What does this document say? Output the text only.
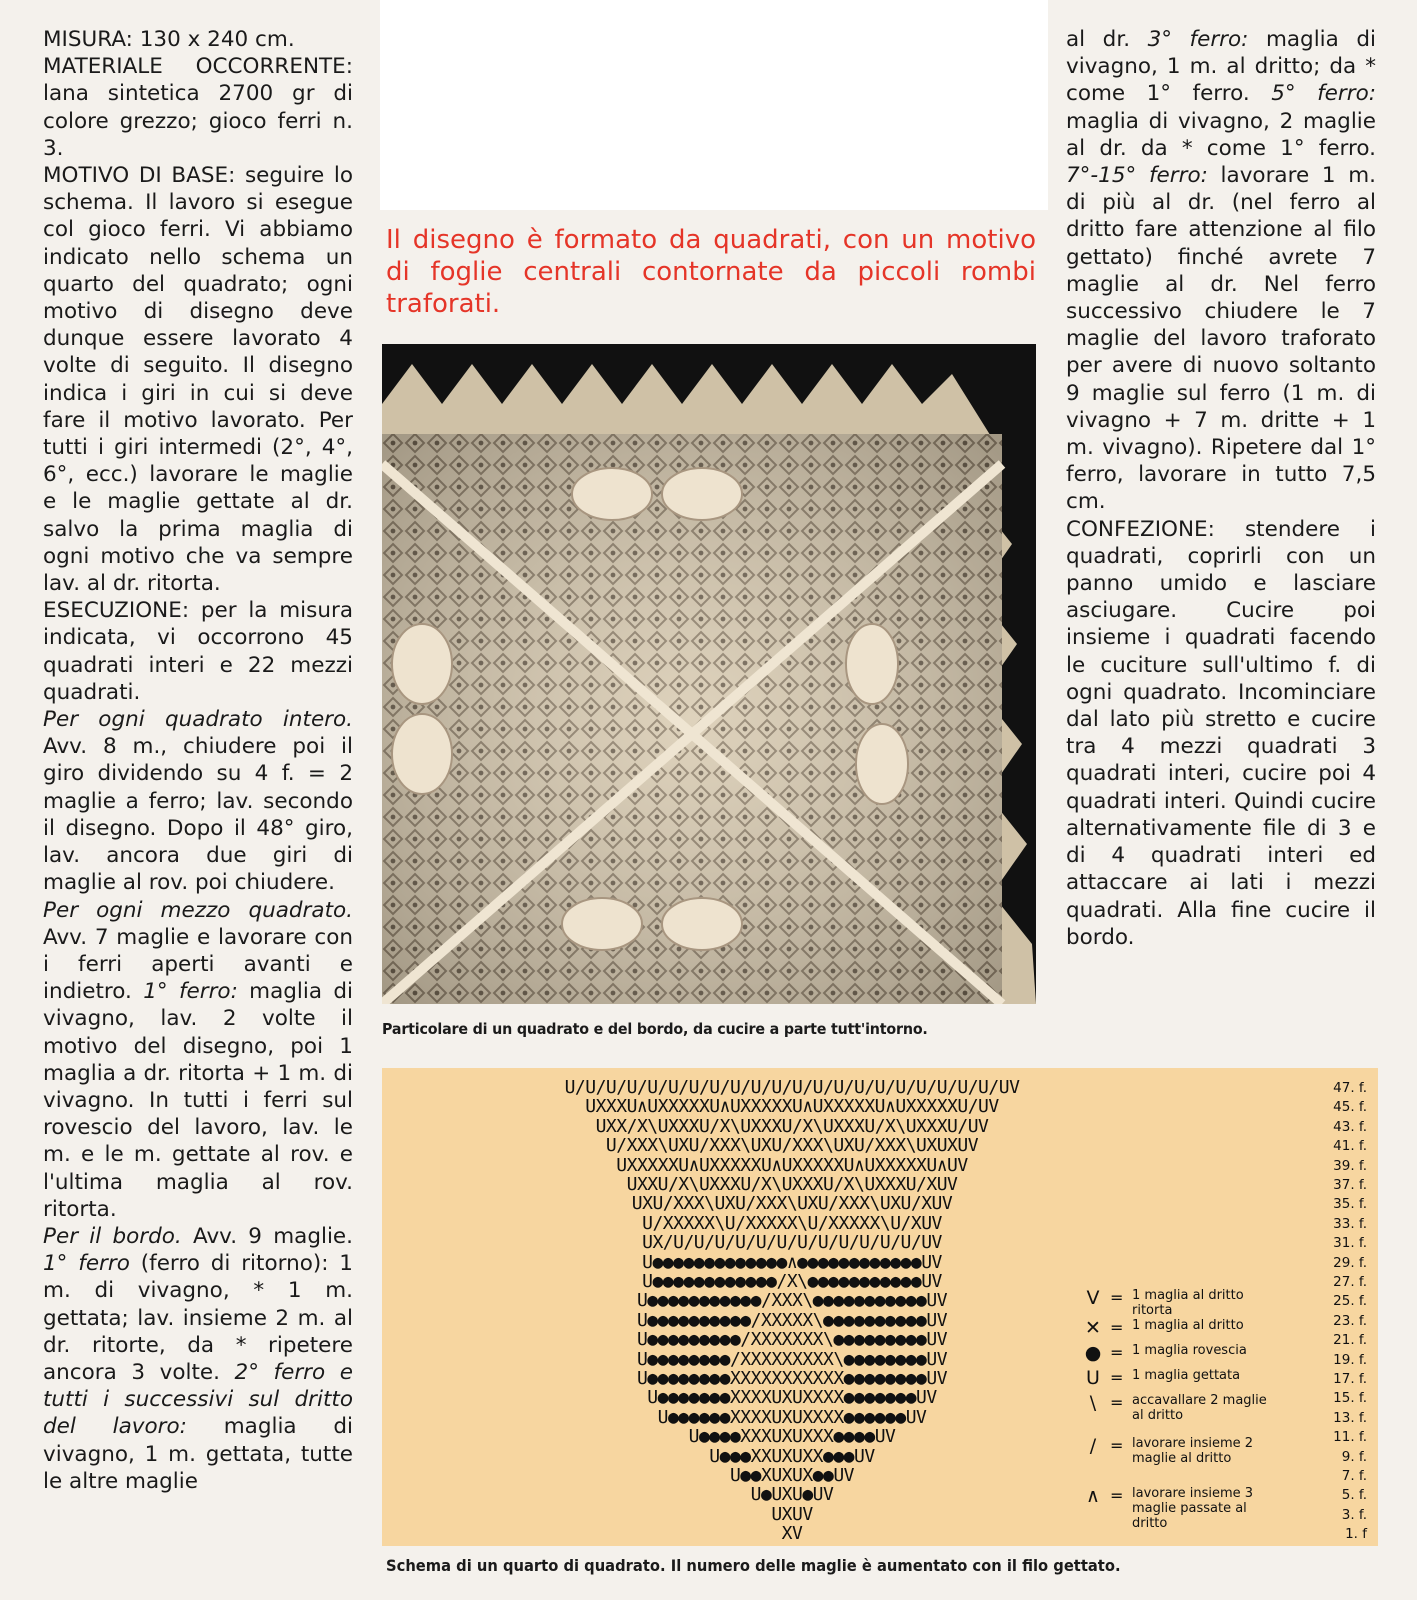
MISURA: 130 x 240 cm.

MATERIALE OCCORRENTE: lana sintetica 2700 gr di colore grezzo; gioco ferri n. 3.

MOTIVO DI BASE: seguire lo schema. Il lavoro si esegue col gioco ferri. Vi abbiamo indicato nello schema un quarto del quadrato; ogni motivo di disegno deve dunque essere lavorato 4 volte di seguito. Il disegno indica i giri in cui si deve fare il motivo lavorato. Per tutti i giri intermedi (2°, 4°, 6°, ecc.) lavorare le maglie e le maglie gettate al dr. salvo la prima maglia di ogni motivo che va sempre lav. al dr. ritorta.

ESECUZIONE: per la misura indicata, vi occorrono 45 quadrati interi e 22 mezzi quadrati.

Per ogni quadrato intero. Avv. 8 m., chiudere poi il giro dividendo su 4 f. = 2 maglie a ferro; lav. secondo il disegno. Dopo il 48° giro, lav. ancora due giri di maglie al rov. poi chiudere.

Per ogni mezzo quadrato. Avv. 7 maglie e lavorare con i ferri aperti avanti e indietro. 1° ferro: maglia di vivagno, lav. 2 volte il motivo del disegno, poi 1 maglia a dr. ritorta + 1 m. di vivagno. In tutti i ferri sul rovescio del lavoro, lav. le m. e le m. gettate al rov. e l'ultima maglia al rov. ritorta.

Per il bordo. Avv. 9 maglie. 1° ferro (ferro di ritorno): 1 m. di vivagno, * 1 m. gettata; lav. insieme 2 m. al dr. ritorte, da * ripetere ancora 3 volte. 2° ferro e tutti i successivi sul dritto del lavoro: maglia di vivagno, 1 m. gettata, tutte le altre maglie

Il disegno è formato da quadrati, con un motivo di foglie centrali contornate da piccoli rombi traforati.

Particolare di un quadrato e del bordo, da cucire a parte tutt'intorno.
U/U/U/U/U/U/U/U/U/U/U/U/U/U/U/U/U/U/U/U/U/UV	47. f.
UXXXU∧UXXXXXU∧UXXXXXU∧UXXXXXU∧UXXXXXU/UV	45. f.
UXX/X\UXXXU/X\UXXXU/X\UXXXU/X\UXXXU/UV	43. f.
U/XXX\UXU/XXX\UXU/XXX\UXU/XXX\UXUXUV	41. f.
UXXXXXU∧UXXXXXU∧UXXXXXU∧UXXXXXU∧UV	39. f.
UXXU/X\UXXXU/X\UXXXU/X\UXXXU/XUV	37. f.
UXU/XXX\UXU/XXX\UXU/XXX\UXU/XUV	35. f.
U/XXXXX\U/XXXXX\U/XXXXX\U/XUV	33. f.
UX/U/U/U/U/U/U/U/U/U/U/U/U/UV	31. f.
U●●●●●●●●●●●●●∧●●●●●●●●●●●●UV	29. f.
U●●●●●●●●●●●●/X\●●●●●●●●●●●UV	27. f.
U●●●●●●●●●●●/XXX\●●●●●●●●●●●UV	25. f.
U●●●●●●●●●●/XXXXX\●●●●●●●●●●UV	23. f.
U●●●●●●●●●/XXXXXXX\●●●●●●●●●UV	21. f.
U●●●●●●●●/XXXXXXXXX\●●●●●●●●UV	19. f.
U●●●●●●●●XXXXXXXXXXX●●●●●●●●UV	17. f.
U●●●●●●●XXXXUXUXXXX●●●●●●●UV	15. f.
U●●●●●●XXXXUXUXXXX●●●●●●UV	13. f.
U●●●●XXXUXUXXX●●●●UV	11. f.
U●●●XXUXUXX●●●UV	9. f.
U●●XUXUX●●UV	7. f.
U●UXU●UV	5. f.
UXUV	3. f.
XV	1. f
V = 1 maglia al dritto ritorta
✕ = 1 maglia al dritto
● = 1 maglia rovescia
U = 1 maglia gettata
\ = accavallare 2 maglie al dritto
/ = lavorare insieme 2 maglie al dritto
∧ = lavorare insieme 3 maglie passate al dritto
Schema di un quarto di quadrato. Il numero delle maglie è aumentato con il filo gettato.

al dr. 3° ferro: maglia di vivagno, 1 m. al dritto; da * come 1° ferro. 5° ferro: maglia di vivagno, 2 maglie al dr. da * come 1° ferro. 7°-15° ferro: lavorare 1 m. di più al dr. (nel ferro al dritto fare attenzione al filo gettato) finché avrete 7 maglie al dr. Nel ferro successivo chiudere le 7 maglie del lavoro traforato per avere di nuovo soltanto 9 maglie sul ferro (1 m. di vivagno + 7 m. dritte + 1 m. vivagno). Ripetere dal 1° ferro, lavorare in tutto 7,5 cm.

CONFEZIONE: stendere i quadrati, coprirli con un panno umido e lasciare asciugare. Cucire poi insieme i quadrati facendo le cuciture sull'ultimo f. di ogni quadrato. Incominciare dal lato più stretto e cucire tra 4 mezzi quadrati 3 quadrati interi, cucire poi 4 quadrati interi. Quindi cucire alternativamente file di 3 e di 4 quadrati interi ed attaccare ai lati i mezzi quadrati. Alla fine cucire il bordo.
